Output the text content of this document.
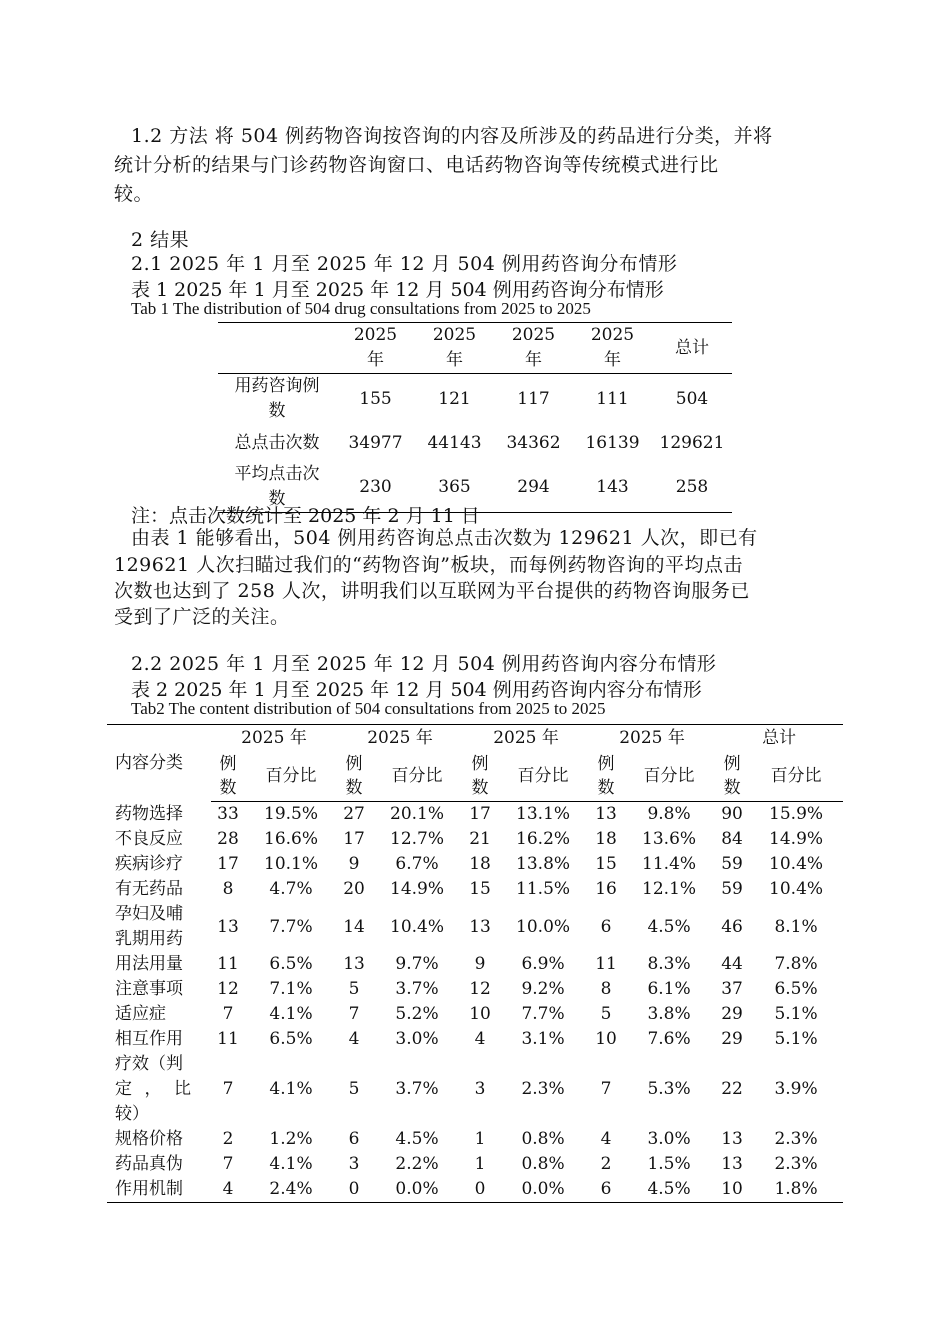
1.2 方法 将 504 例药物咨询按咨询的内容及所涉及的药品进行分类，并将
统计分析的结果与门诊药物咨询窗口、电话药物咨询等传统模式进行比
较。
2 结果
2.1 2025 年 1 月至 2025 年 12 月 504 例用药咨询分布情形
表 1 2025 年 1 月至 2025 年 12 月 504 例用药咨询分布情形
Tab 1 The distribution of 504 drug consultations from 2025 to 2025
	2025年	2025年	2025年	2025年	总计
用药咨询例数	155	121	117	111	504
总点击次数	34977	44143	34362	16139	129621
平均点击次数	230	365	294	143	258
注：点击次数统计至 2025 年 2 月 11 日
由表 1 能够看出，504 例用药咨询总点击次数为 129621 人次，即已有
129621 人次扫瞄过我们的“药物咨询”板块，而每例药物咨询的平均点击
次数也达到了 258 人次，讲明我们以互联网为平台提供的药物咨询服务已
受到了广泛的关注。
2.2 2025 年 1 月至 2025 年 12 月 504 例用药咨询内容分布情形
表 2 2025 年 1 月至 2025 年 12 月 504 例用药咨询内容分布情形
Tab2 The content distribution of 504 consultations from 2025 to 2025
内容分类	2025 年		2025 年		2025 年		2025 年		总计	
	例数	百分比	例数	百分比	例数	百分比	例数	百分比	例数	百分比
药物选择	33	19.5%	27	20.1%	17	13.1%	13	9.8%	90	15.9%
不良反应	28	16.6%	17	12.7%	21	16.2%	18	13.6%	84	14.9%
疾病诊疗	17	10.1%	9	6.7%	18	13.8%	15	11.4%	59	10.4%
有无药品	8	4.7%	20	14.9%	15	11.5%	16	12.1%	59	10.4%
孕妇及哺乳期用药	13	7.7%	14	10.4%	13	10.0%	6	4.5%	46	8.1%
用法用量	11	6.5%	13	9.7%	9	6.9%	11	8.3%	44	7.8%
注意事项	12	7.1%	5	3.7%	12	9.2%	8	6.1%	37	6.5%
适应症	7	4.1%	7	5.2%	10	7.7%	5	3.8%	29	5.1%
相互作用	11	6.5%	4	3.0%	4	3.1%	10	7.6%	29	5.1%

疗效（判
定 ， 比
较）	7	4.1%	5	3.7%	3	2.3%	7	5.3%	22	3.9%
规格价格	2	1.2%	6	4.5%	1	0.8%	4	3.0%	13	2.3%
药品真伪	7	4.1%	3	2.2%	1	0.8%	2	1.5%	13	2.3%
作用机制	4	2.4%	0	0.0%	0	0.0%	6	4.5%	10	1.8%
